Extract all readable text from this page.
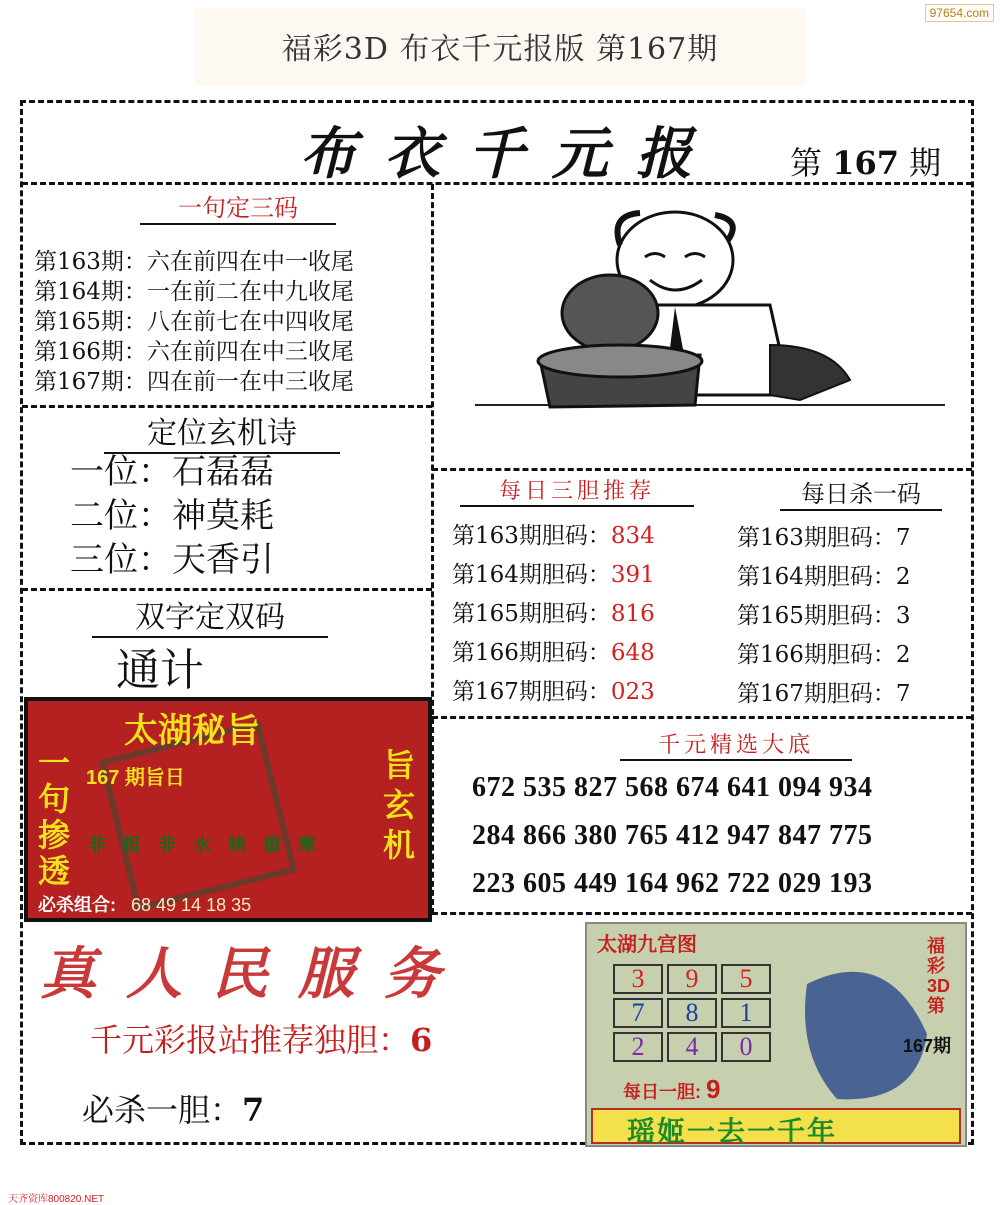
97654.com
福彩3D 布衣千元报版 第167期
布衣千元报 第 167 期
一句定三码
第163期：六在前四在中一收尾
第164期：一在前二在中九收尾
第165期：八在前七在中四收尾
第166期：六在前四在中三收尾
第167期：四在前一在中三收尾
定位玄机诗
一位：石磊磊
二位：神莫耗
三位：天香引
双字定双码
通计
每日三胆推荐
第163期胆码：834
第164期胆码：391
第165期胆码：816
第166期胆码：648
第167期胆码：023
每日杀一码
第163期胆码：7
第164期胆码：2
第165期胆码：3
第166期胆码：2
第167期胆码：7
千元精选大底
672 535 827 568 674 641 094 934
284 866 380 765 412 947 847 775
223 605 449 164 962 722 029 193
太湖秘旨
167 期旨日
一句掺透
旨玄机
非 报 非 水 映 窗 寒
必杀组合: 68 49 14 18 35
真人民服务
千元彩报站推荐独胆：6
必杀一胆：7
太湖九宫图	福彩3D第
167期
3	9	5
7	8	1
2	4	0
每日一胆: 9
瑶姬一去一千年
天齐资库800820.NET
